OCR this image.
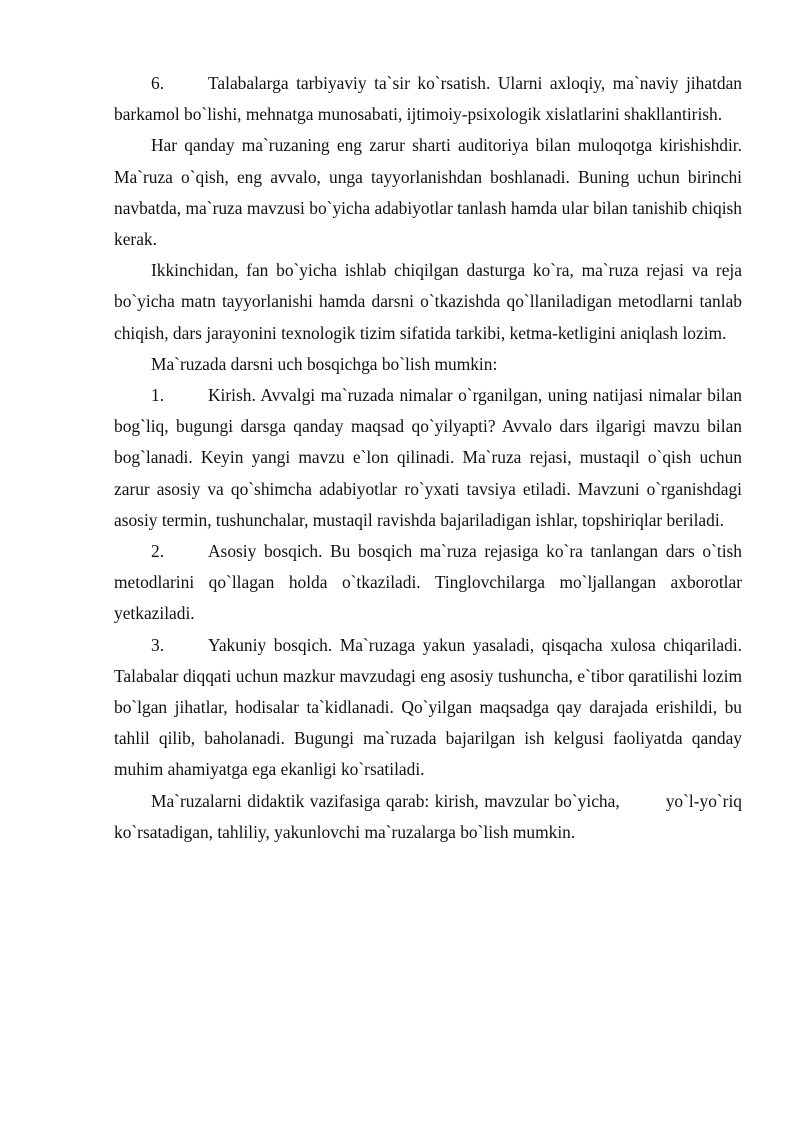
6.	Talabalarga tarbiyaviy ta`sir ko`rsatish. Ularni axloqiy, ma`naviy jihatdan barkamol bo`lishi, mehnatga munosabati, ijtimoiy-psixologik xislatlarini shakllantirish.

Har qanday ma`ruzaning eng zarur sharti auditoriya bilan muloqotga kirishishdir. Ma`ruza o`qish, eng avvalo, unga tayyorlanishdan boshlanadi. Buning uchun birinchi navbatda, ma`ruza mavzusi bo`yicha adabiyotlar tanlash hamda ular bilan tanishib chiqish kerak.

Ikkinchidan, fan bo`yicha ishlab chiqilgan dasturga ko`ra, ma`ruza rejasi va reja bo`yicha matn tayyorlanishi hamda darsni o`tkazishda qo`llaniladigan metodlarni tanlab chiqish, dars jarayonini texnologik tizim sifatida tarkibi, ketma-ketligini aniqlash lozim.

Ma`ruzada darsni uch bosqichga bo`lish mumkin:

1.	Kirish. Avvalgi ma`ruzada nimalar o`rganilgan, uning natijasi nimalar bilan bog`liq, bugungi darsga qanday maqsad qo`yilyapti? Avvalo dars ilgarigi mavzu bilan bog`lanadi. Keyin yangi mavzu e`lon qilinadi. Ma`ruza rejasi, mustaqil o`qish uchun zarur asosiy va qo`shimcha adabiyotlar ro`yxati tavsiya etiladi. Mavzuni o`rganishdagi asosiy termin, tushunchalar, mustaqil ravishda bajariladigan ishlar, topshiriqlar beriladi.

2.	Asosiy bosqich. Bu bosqich ma`ruza rejasiga ko`ra tanlangan dars o`tish metodlarini qo`llagan holda o`tkaziladi. Tinglovchilarga mo`ljallangan axborotlar yetkaziladi.

3.	Yakuniy bosqich. Ma`ruzaga yakun yasaladi, qisqacha xulosa chiqariladi. Talabalar diqqati uchun mazkur mavzudagi eng asosiy tushuncha, e`tibor qaratilishi lozim bo`lgan jihatlar, hodisalar ta`kidlanadi. Qo`yilgan maqsadga qay darajada erishildi, bu tahlil qilib, baholanadi. Bugungi ma`ruzada bajarilgan ish kelgusi faoliyatda qanday muhim ahamiyatga ega ekanligi ko`rsatiladi.

Ma`ruzalarni didaktik vazifasiga qarab: kirish, mavzular bo`yicha,	yo`l-yo`riq ko`rsatadigan, tahliliy, yakunlovchi ma`ruzalarga bo`lish mumkin.
